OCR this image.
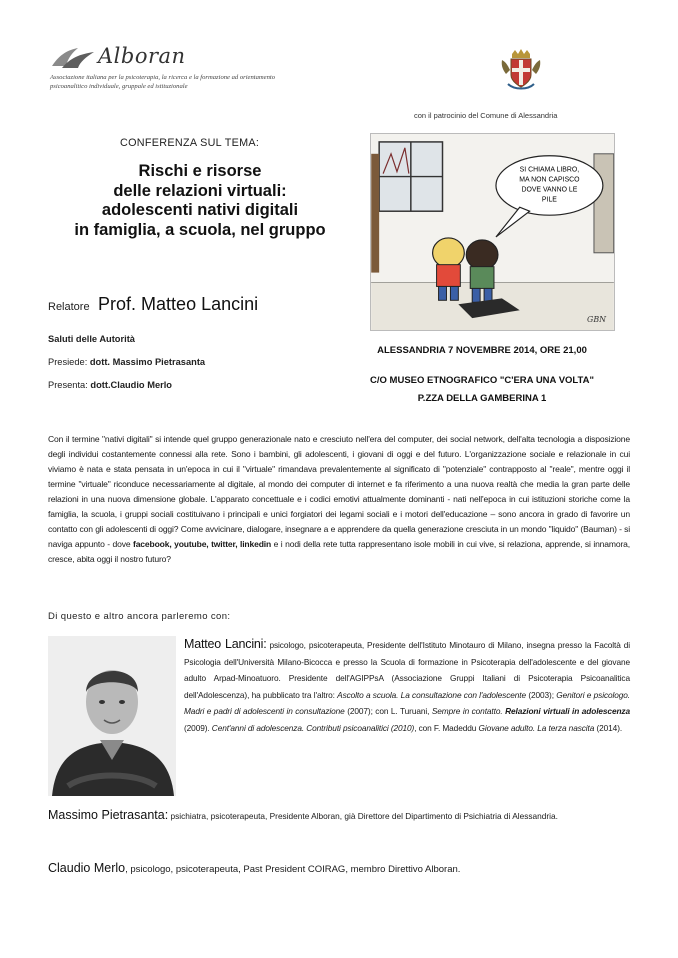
Alboran
Associazione italiana per la psicoterapia, la ricerca e la formazione ad orientamento psicoanalitico individuale, gruppale ed istituzionale
con il patrocinio del Comune di Alessandria
CONFERENZA SUL TEMA:
Rischi e risorse
delle relazioni virtuali:
adolescenti nativi digitali
in famiglia, a scuola, nel gruppo
SI CHIAMA LIBRO,
MA NON CAPISCO
DOVE VANNO LE
PILE
GBN
Relatore Prof. Matteo Lancini
Saluti delle Autorità
Presiede: dott. Massimo Pietrasanta
Presenta: dott.Claudio Merlo
ALESSANDRIA 7 NOVEMBRE 2014, ORE 21,00
C/O MUSEO ETNOGRAFICO "C'ERA UNA VOLTA"
P.ZZA DELLA GAMBERINA 1
Con il termine "nativi digitali" si intende quel gruppo generazionale nato e cresciuto nell'era del computer, dei social network, dell'alta tecnologia a disposizione degli individui costantemente connessi alla rete. Sono i bambini, gli adolescenti, i giovani di oggi e del futuro. L'organizzazione sociale e relazionale in cui viviamo è nata e stata pensata in un'epoca in cui il "virtuale" rimandava prevalentemente al significato di "potenziale" contrapposto al "reale", mentre oggi il termine "virtuale" riconduce necessariamente al digitale, al mondo dei computer di internet e fa riferimento a una nuova realtà che media la gran parte delle relazioni in una nuova dimensione globale. L'apparato concettuale e i codici emotivi attualmente dominanti - nati nell'epoca in cui istituzioni storiche come la famiglia, la scuola, i gruppi sociali costituivano i principali e unici forgiatori dei legami sociali e i motori dell'educazione – sono ancora in grado di favorire un contatto con gli adolescenti di oggi? Come avvicinare, dialogare, insegnare a e apprendere da quella generazione cresciuta in un mondo "liquido" (Bauman) - si naviga appunto - dove facebook, youtube, twitter, linkedin e i nodi della rete tutta rappresentano isole mobili in cui vive, si relaziona, apprende, si innamora, cresce, abita oggi il nostro futuro?
Di questo e altro ancora parleremo con:
Matteo Lancini: psicologo, psicoterapeuta, Presidente dell'Istituto Minotauro di Milano, insegna presso la Facoltà di Psicologia dell'Università Milano-Bicocca e presso la Scuola di formazione in Psicoterapia dell'adolescente e del giovane adulto Arpad-Minoatuoro. Presidente dell'AGIPPsA (Associazione Gruppi Italiani di Psicoterapia Psicoanalitica dell'Adolescenza), ha pubblicato tra l'altro: Ascolto a scuola. La consultazione con l'adolescente (2003); Genitori e psicologo. Madri e padri di adolescenti in consultazione (2007); con L. Turuani, Sempre in contatto. Relazioni virtuali in adolescenza (2009). Cent'anni di adolescenza. Contributi psicoanalitici (2010), con F. Madeddu Giovane adulto. La terza nascita (2014).
Massimo Pietrasanta: psichiatra, psicoterapeuta, Presidente Alboran, già Direttore del Dipartimento di Psichiatria di Alessandria.
Claudio Merlo, psicologo, psicoterapeuta, Past President COIRAG, membro Direttivo Alboran.
